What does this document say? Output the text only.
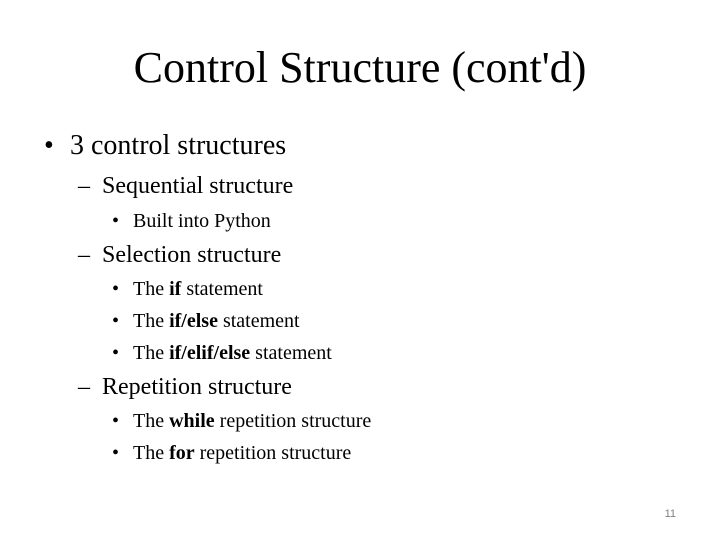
Control Structure (cont'd)
• 3 control structures
– Sequential structure
• Built into Python
– Selection structure
• The if statement
• The if/else statement
• The if/elif/else statement
– Repetition structure
• The while repetition structure
• The for repetition structure
11
